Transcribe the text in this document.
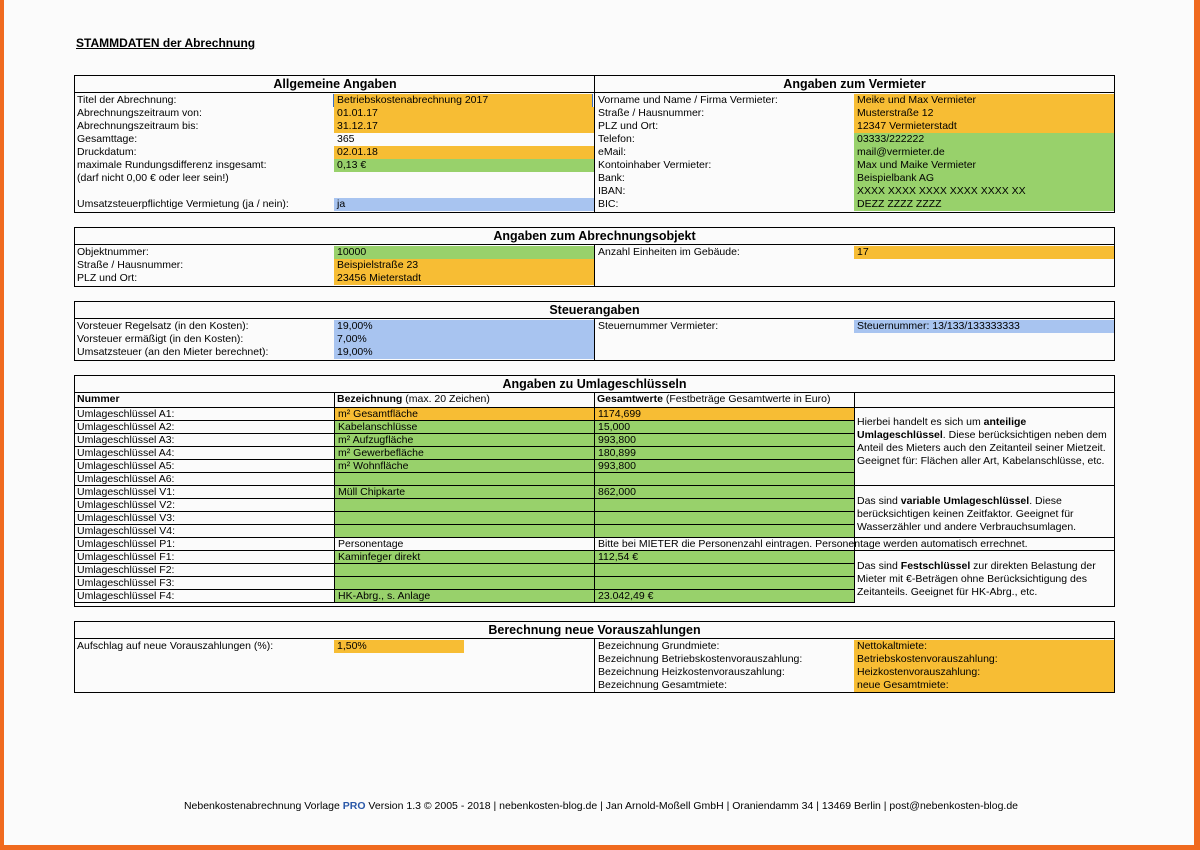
STAMMDATEN der Abrechnung
Allgemeine Angaben	Angaben zum Vermieter
Titel der Abrechnung:	Betriebskostenabrechnung 2017
Abrechnungszeitraum von:	01.01.17
Abrechnungszeitraum bis:	31.12.17
Gesamttage:	365
Druckdatum:	02.01.18
maximale Rundungsdifferenz insgesamt:	0,13 €
(darf nicht 0,00 € oder leer sein!)
Umsatzsteuerpflichtige Vermietung (ja / nein):	ja
Vorname und Name / Firma Vermieter:	Meike und Max Vermieter
Straße / Hausnummer:	Musterstraße 12
PLZ und Ort:	12347 Vermieterstadt
Telefon:	03333/222222
eMail:	mail@vermieter.de
Kontoinhaber Vermieter:	Max und Maike Vermieter
Bank:	Beispielbank AG
IBAN:	XXXX XXXX XXXX XXXX XXXX XX
BIC:	DEZZ ZZZZ ZZZZ
Angaben zum Abrechnungsobjekt
Objektnummer:	10000
Straße / Hausnummer:	Beispielstraße 23
PLZ und Ort:	23456 Mieterstadt
Anzahl Einheiten im Gebäude:	17
Steuerangaben
Vorsteuer Regelsatz (in den Kosten):	19,00%
Vorsteuer ermäßigt (in den Kosten):	7,00%
Umsatzsteuer (an den Mieter berechnet):	19,00%
Steuernummer Vermieter:	Steuernummer: 13/133/133333333
Angaben zu Umlageschlüsseln
Nummer	Bezeichnung (max. 20 Zeichen)	Gesamtwerte (Festbeträge Gesamtwerte in Euro)
Umlageschlüssel A1:	m² Gesamtfläche	1174,699
Umlageschlüssel A2:	Kabelanschlüsse	15,000
Umlageschlüssel A3:	m² Aufzugfläche	993,800
Umlageschlüssel A4:	m² Gewerbefläche	180,899
Umlageschlüssel A5:	m² Wohnfläche	993,800
Umlageschlüssel A6:
Umlageschlüssel V1:	Müll Chipkarte	862,000
Umlageschlüssel V2:
Umlageschlüssel V3:
Umlageschlüssel V4:
Umlageschlüssel P1:	Personentage	Bitte bei MIETER die Personenzahl eintragen. Personentage werden automatisch errechnet.
Umlageschlüssel F1:	Kaminfeger direkt	112,54 €
Umlageschlüssel F2:
Umlageschlüssel F3:
Umlageschlüssel F4:	HK-Abrg., s. Anlage	23.042,49 €
Hierbei handelt es sich um anteilige Umlageschlüssel. Diese berücksichtigen neben dem Anteil des Mieters auch den Zeitanteil seiner Mietzeit. Geeignet für: Flächen aller Art, Kabelanschlüsse, etc.
Das sind variable Umlageschlüssel. Diese berücksichtigen keinen Zeitfaktor. Geeignet für Wasserzähler und andere Verbrauchsumlagen.
Das sind Festschlüssel zur direkten Belastung der Mieter mit €-Beträgen ohne Berücksichtigung des Zeitanteils. Geeignet für HK-Abrg., etc.
Berechnung neue Vorauszahlungen
Aufschlag auf neue Vorauszahlungen (%):	1,50%	Bezeichnung Grundmiete:	Nettokaltmiete:
Bezeichnung Betriebskostenvorauszahlung:	Betriebskostenvorauszahlung:
Bezeichnung Heizkostenvorauszahlung:	Heizkostenvorauszahlung:
Bezeichnung Gesamtmiete:	neue Gesamtmiete:
Nebenkostenabrechnung Vorlage PRO Version 1.3 © 2005 - 2018 | nebenkosten-blog.de | Jan Arnold-Moßell GmbH | Oraniendamm 34 | 13469 Berlin | post@nebenkosten-blog.de
